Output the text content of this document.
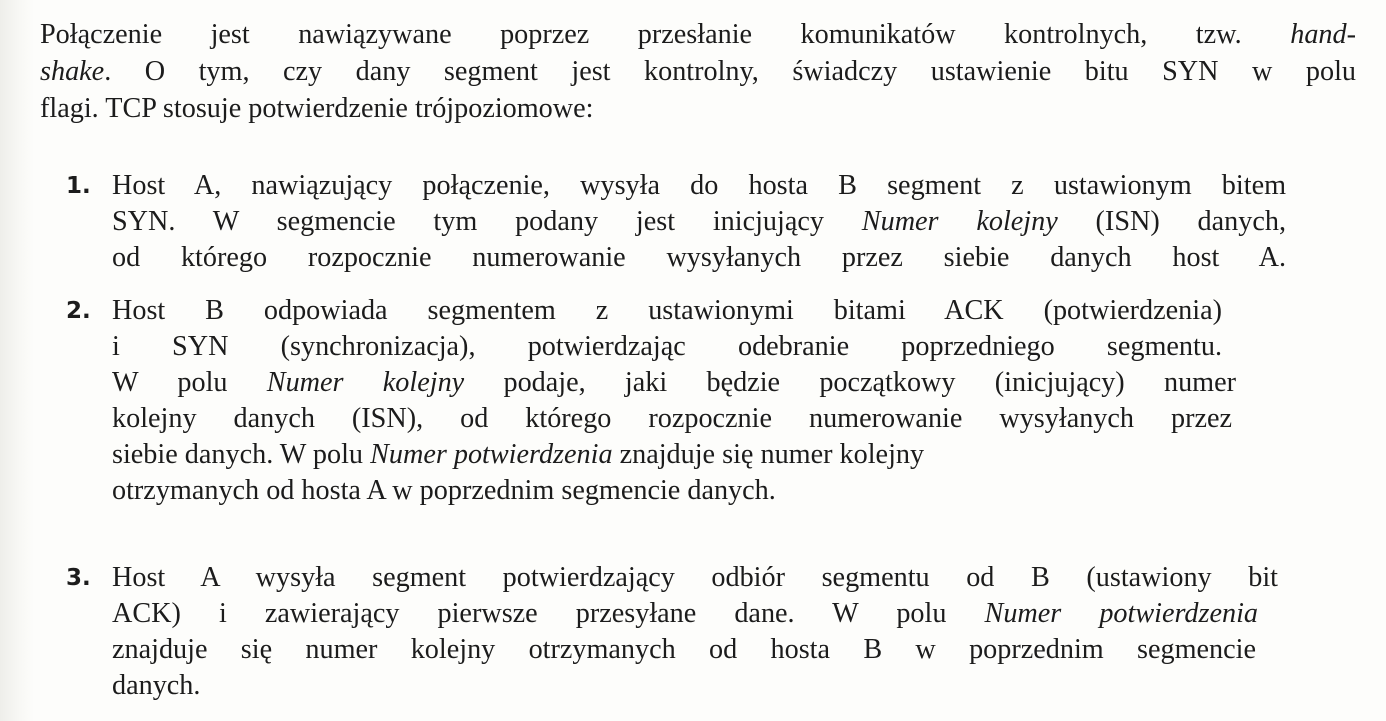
Połączenie jest nawiązywane poprzez przesłanie komunikatów kontrolnych, tzw. hand-
shake. O tym, czy dany segment jest kontrolny, świadczy ustawienie bitu SYN w polu
flagi. TCP stosuje potwierdzenie trójpoziomowe:

1. Host A, nawiązujący połączenie, wysyła do hosta B segment z ustawionym bitem
SYN. W segmencie tym podany jest inicjujący Numer kolejny (ISN) danych,
od którego rozpocznie numerowanie wysyłanych przez siebie danych host A.
2. Host B odpowiada segmentem z ustawionymi bitami ACK (potwierdzenia)
i SYN (synchronizacja), potwierdzając odebranie poprzedniego segmentu.
W polu Numer kolejny podaje, jaki będzie początkowy (inicjujący) numer
kolejny danych (ISN), od którego rozpocznie numerowanie wysyłanych przez
siebie danych. W polu Numer potwierdzenia znajduje się numer kolejny
otrzymanych od hosta A w poprzednim segmencie danych.
3. Host A wysyła segment potwierdzający odbiór segmentu od B (ustawiony bit
ACK) i zawierający pierwsze przesyłane dane. W polu Numer potwierdzenia
znajduje się numer kolejny otrzymanych od hosta B w poprzednim segmencie
danych.
